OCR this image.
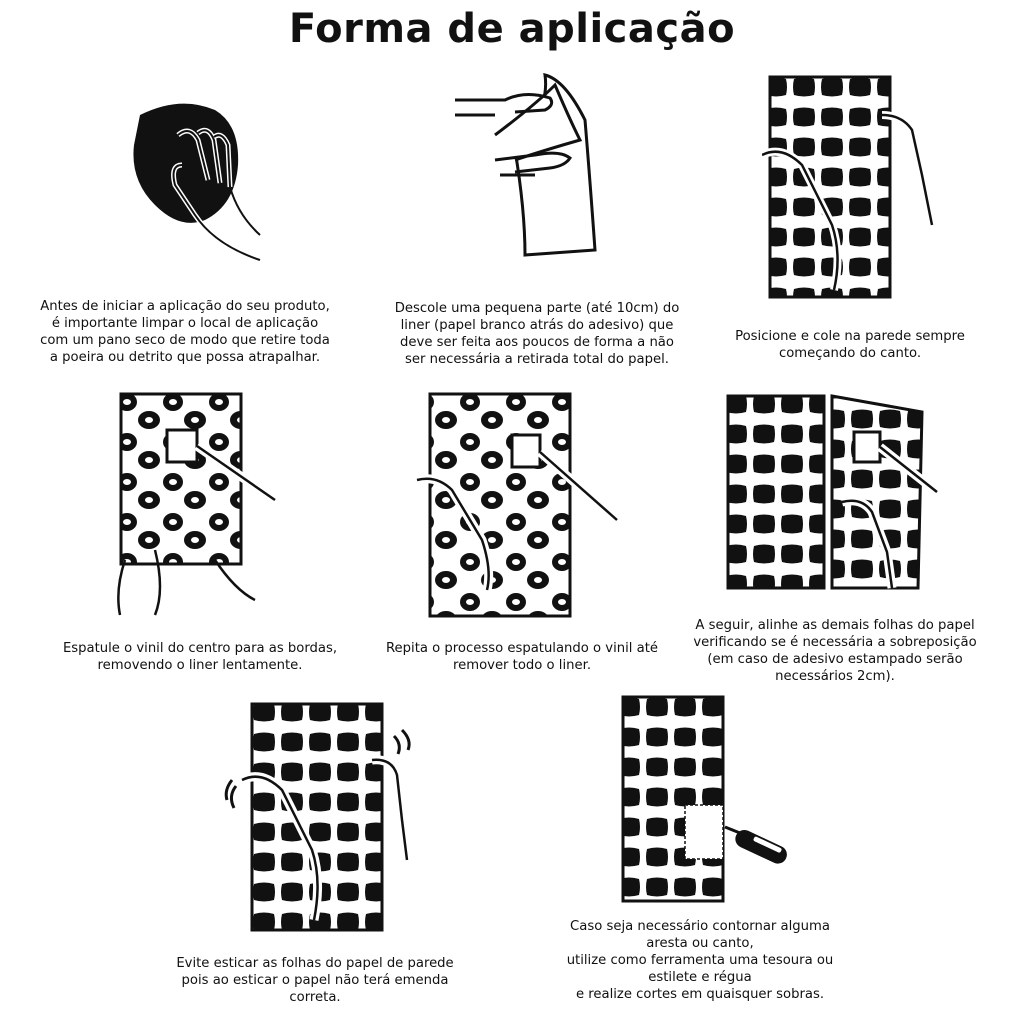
Forma de aplicação
Antes de iniciar a aplicação do seu produto,
é importante limpar o local de aplicação
com um pano seco de modo que retire toda
a poeira ou detrito que possa atrapalhar.
Descole uma pequena parte (até 10cm) do
liner (papel branco atrás do adesivo) que
deve ser feita aos poucos de forma a não
ser necessária a retirada total do papel.
Posicione e cole na parede sempre
começando do canto.
Espatule o vinil do centro para as bordas,
removendo o liner lentamente.
Repita o processo espatulando o vinil até
remover todo o liner.
A seguir, alinhe as demais folhas do papel
verificando se é necessária a sobreposição
(em caso de adesivo estampado serão
necessários 2cm).
Evite esticar as folhas do papel de parede
pois ao esticar o papel não terá emenda
correta.
Caso seja necessário contornar alguma
aresta ou canto,
utilize como ferramenta uma tesoura ou
estilete e régua
e realize cortes em quaisquer sobras.
